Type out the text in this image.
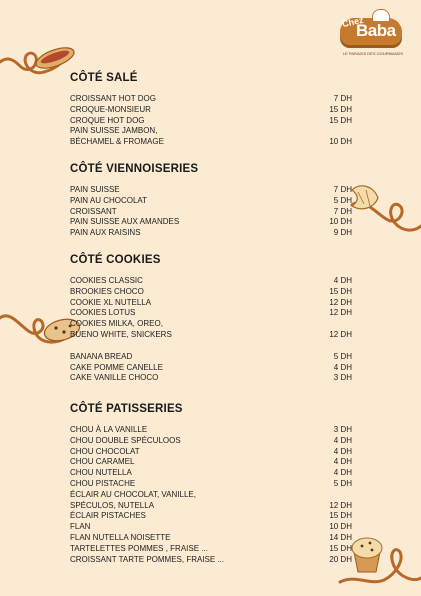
Chez
Baba
LE PARADIS DES GOURMANDS
CÔTÉ SALÉ
CROISSANT HOT DOG	7 DH
CROQUE-MONSIEUR	15 DH
CROQUE HOT DOG	15 DH
PAIN SUISSE JAMBON,
BÉCHAMEL & FROMAGE	10 DH
CÔTÉ VIENNOISERIES
PAIN SUISSE	7 DH
PAIN AU CHOCOLAT	5 DH
CROISSANT	7 DH
PAIN SUISSE AUX AMANDES	10 DH
PAIN AUX RAISINS	9 DH
CÔTÉ COOKIES
COOKIES CLASSIC	4 DH
BROOKIES CHOCO	15 DH
COOKIE XL NUTELLA	12 DH
COOKIES LOTUS	12 DH
COOKIES MILKA, OREO,
BUENO WHITE, SNICKERS	12 DH
BANANA BREAD	5 DH
CAKE POMME CANELLE	4 DH
CAKE VANILLE CHOCO	3 DH
CÔTÉ PATISSERIES
CHOU À LA VANILLE	3 DH
CHOU DOUBLE SPÉCULOOS	4 DH
CHOU CHOCOLAT	4 DH
CHOU CARAMEL	4 DH
CHOU NUTELLA	4 DH
CHOU PISTACHE	5 DH
ÉCLAIR AU CHOCOLAT, VANILLE,
SPÉCULOS, NUTELLA	12 DH
ÉCLAIR PISTACHES	15 DH
FLAN	10 DH
FLAN NUTELLA NOISETTE	14 DH
TARTELETTES POMMES , FRAISE ...	15 DH
CROISSANT TARTE POMMES, FRAISE ...	20 DH
